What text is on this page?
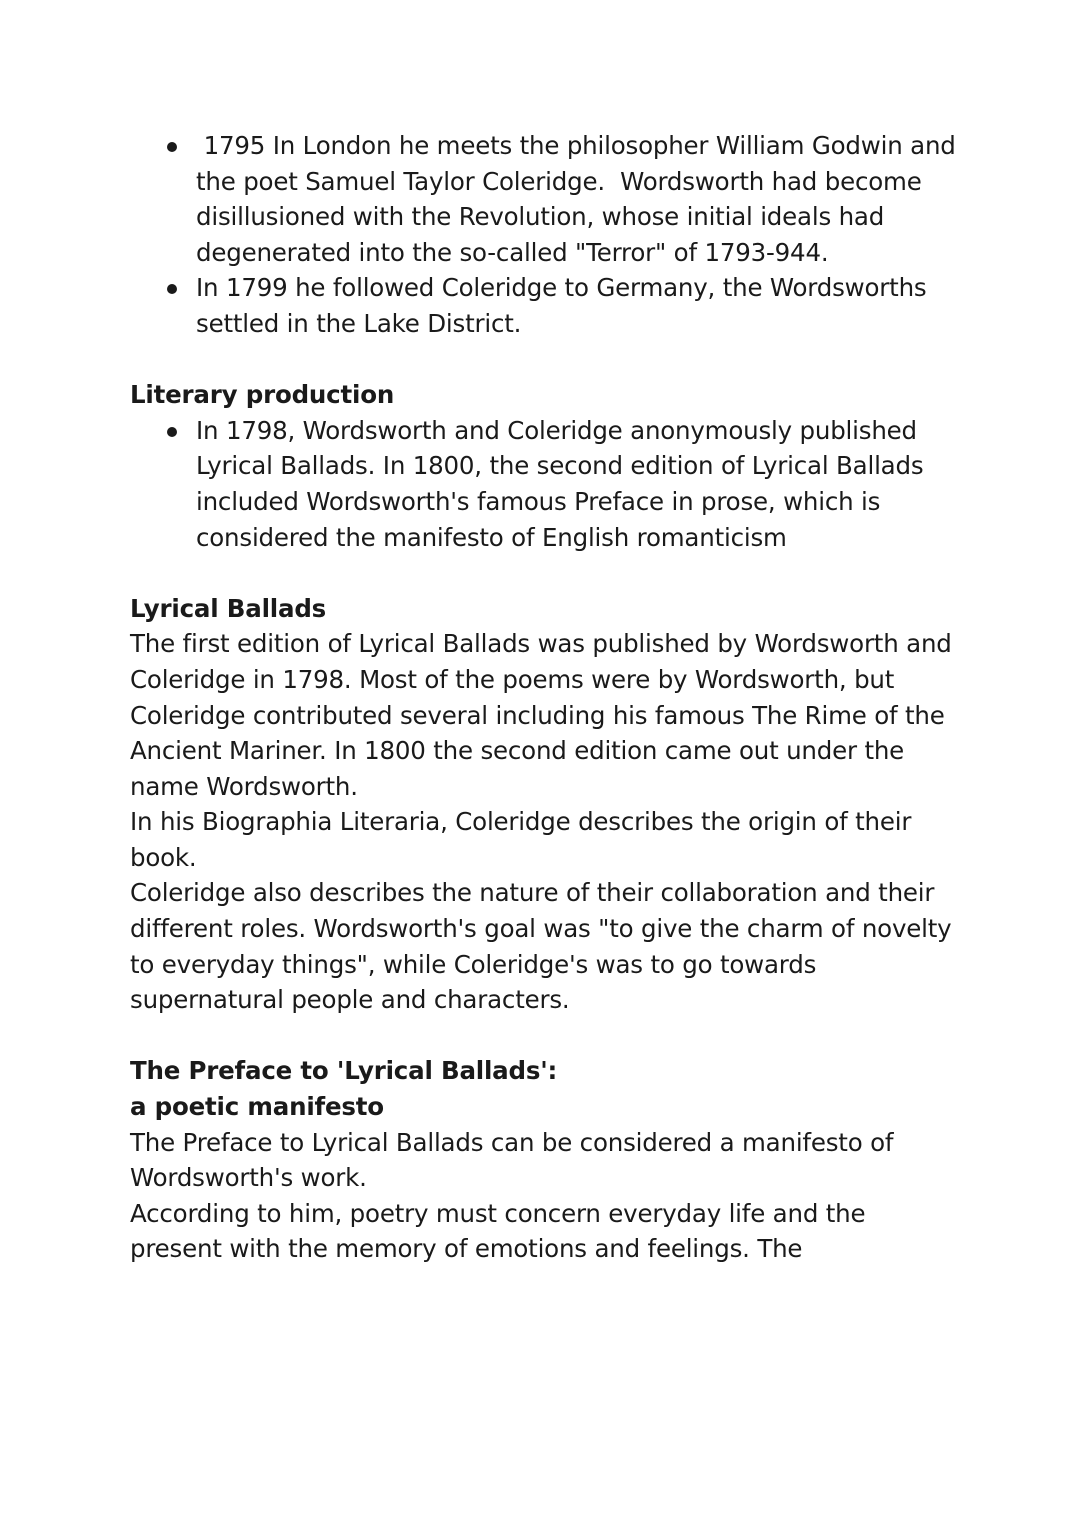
1795 In London he meets the philosopher William Godwin and the poet Samuel Taylor Coleridge.  Wordsworth had become disillusioned with the Revolution, whose initial ideals had degenerated into the so-called "Terror" of 1793-944.
In 1799 he followed Coleridge to Germany, the Wordsworths settled in the Lake District.

Literary production

In 1798, Wordsworth and Coleridge anonymously published Lyrical Ballads. In 1800, the second edition of Lyrical Ballads included Wordsworth's famous Preface in prose, which is considered the manifesto of English romanticism

Lyrical Ballads

The first edition of Lyrical Ballads was published by Wordsworth and Coleridge in 1798. Most of the poems were by Wordsworth, but Coleridge contributed several including his famous The Rime of the Ancient Mariner. In 1800 the second edition came out under the name Wordsworth.

In his Biographia Literaria, Coleridge describes the origin of their book.

Coleridge also describes the nature of their collaboration and their different roles. Wordsworth's goal was "to give the charm of novelty to everyday things", while Coleridge's was to go towards supernatural people and characters.

The Preface to 'Lyrical Ballads':

a poetic manifesto

The Preface to Lyrical Ballads can be considered a manifesto of Wordsworth's work.

According to him, poetry must concern everyday life and the present with the memory of emotions and feelings. The
